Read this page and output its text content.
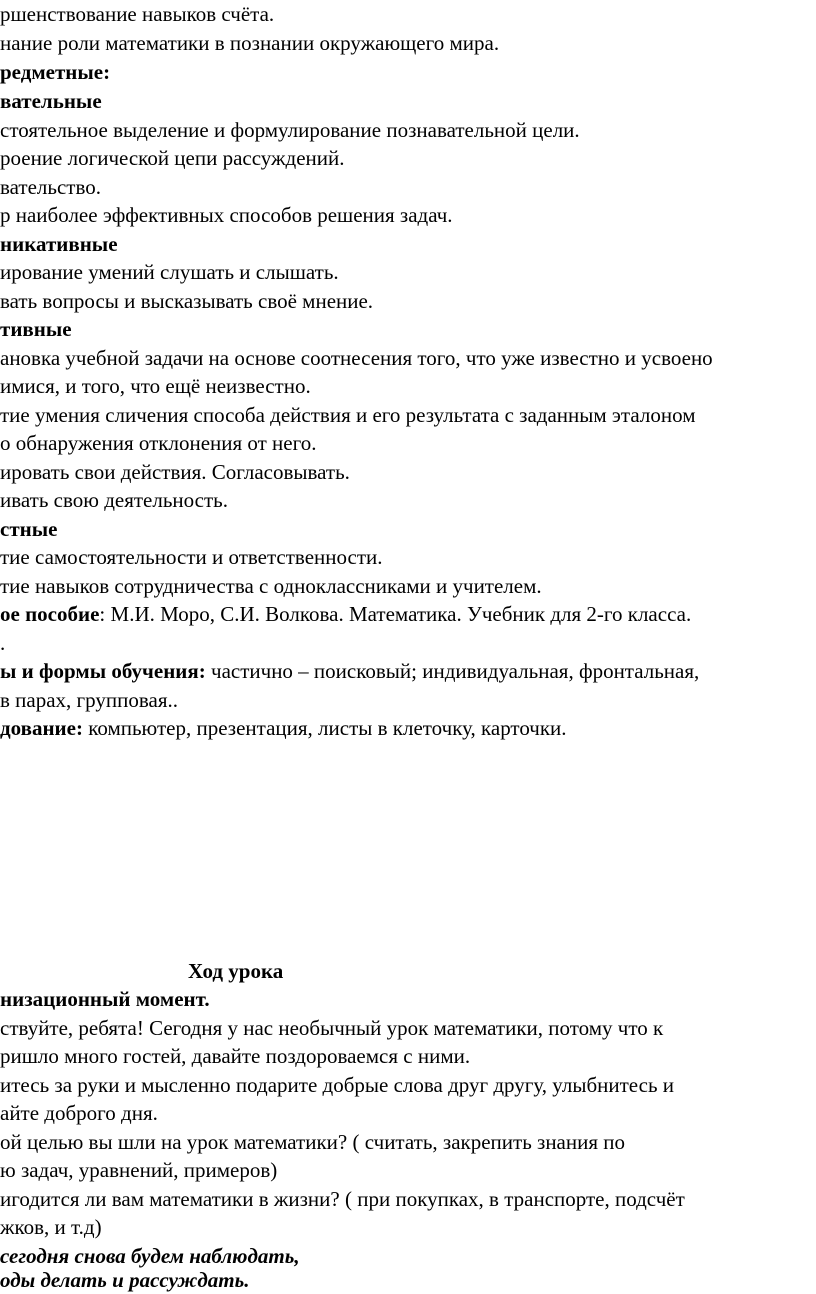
ршенствование навыков счёта.
нание роли математики в познании окружающего мира.
редметные:
вательные
стоятельное выделение и формулирование познавательной цели.
роение логической цепи рассуждений.
вательство.
р наиболее эффективных способов решения задач.
никативные
ирование умений слушать и слышать.
вать вопросы и высказывать своё мнение.
тивные
ановка учебной задачи на основе соотнесения того, что уже известно и усвоено
имися, и того, что ещё неизвестно.
тие умения сличения способа действия и его результата с заданным эталоном
о обнаружения отклонения от него.
ировать свои действия. Согласовывать.
ивать свою деятельность.
стные
тие самостоятельности и ответственности.
тие навыков сотрудничества с одноклассниками и учителем.
ое пособие: М.И. Моро, С.И. Волкова. Математика. Учебник для 2-го класса.
.
ы и формы обучения: частично – поисковый; индивидуальная, фронтальная,
в парах, групповая..
дование: компьютер, презентация, листы в клеточку, карточки.
Ход урока
низационный момент.
ствуйте, ребята! Сегодня у нас необычный урок математики, потому что к
ришло много гостей, давайте поздороваемся с ними.
итесь за руки и мысленно подарите добрые слова друг другу, улыбнитесь и
айте доброго дня.
ой целью вы шли на урок математики? ( считать, закрепить знания по
ю задач, уравнений, примеров)
игодится ли вам математики в жизни? ( при покупках, в транспорте, подсчёт
жков, и т.д)
сегодня снова будем наблюдать,
оды делать и рассуждать.
